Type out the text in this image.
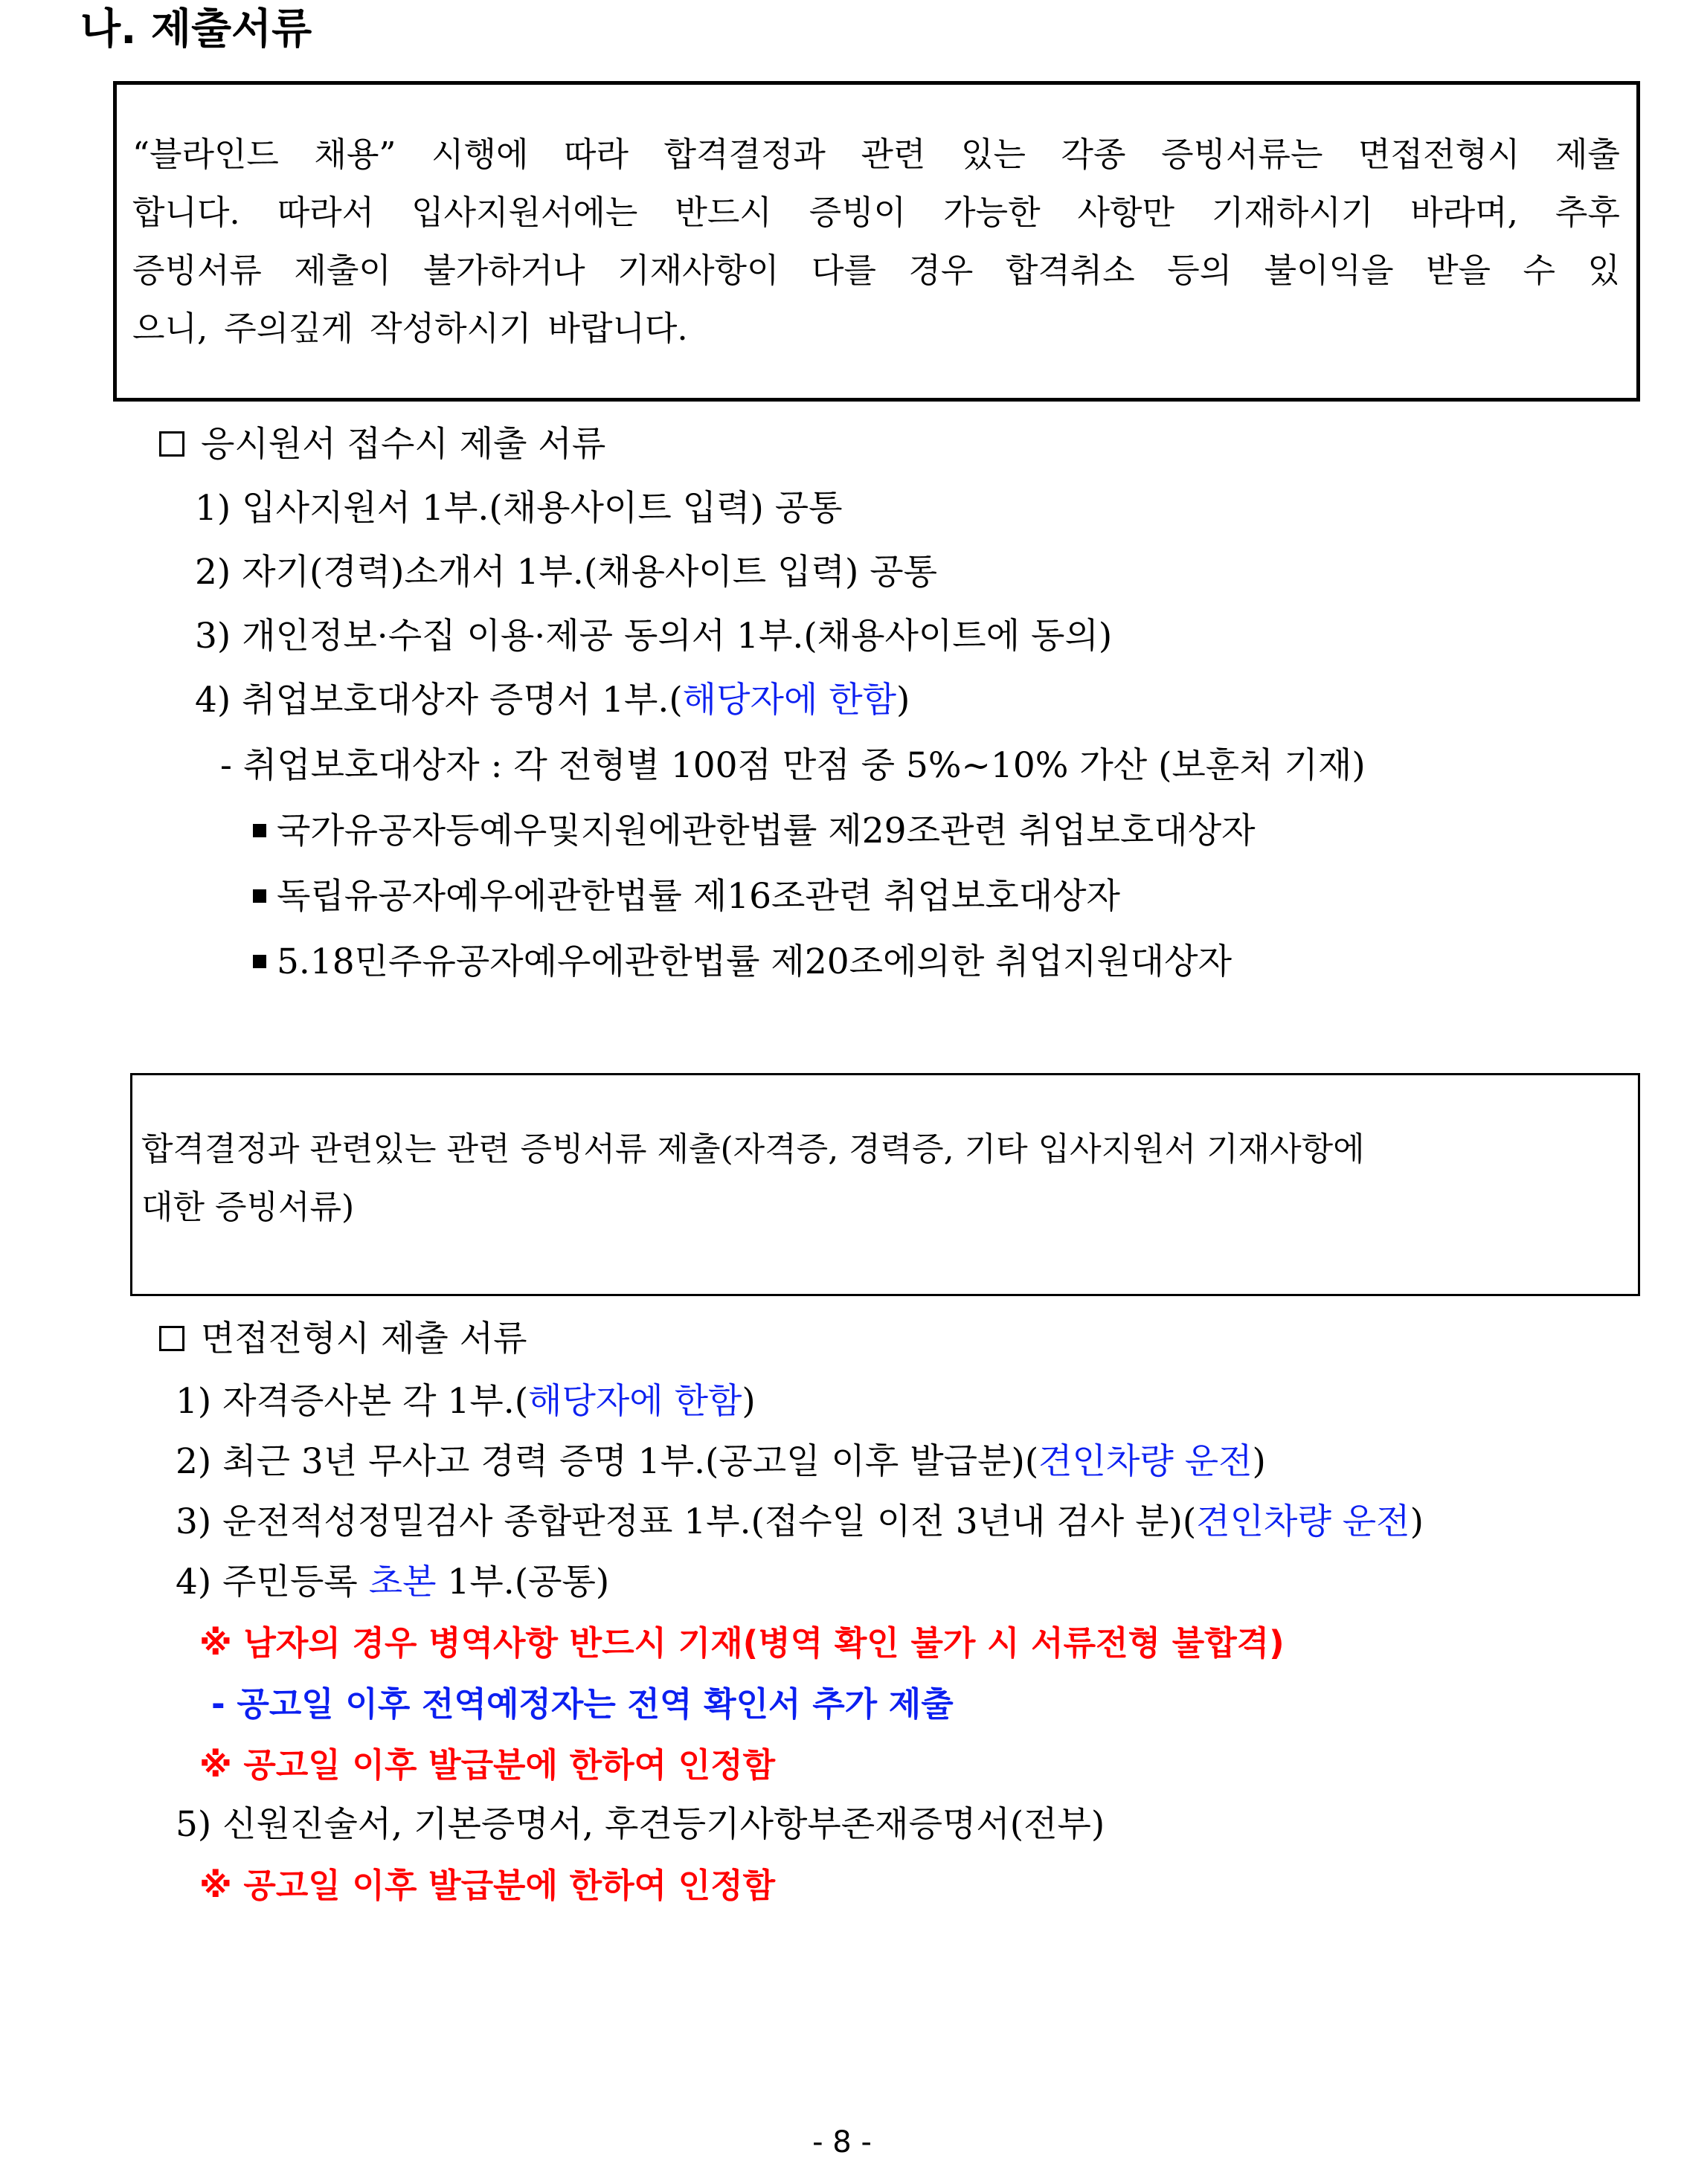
나. 제출서류
“블라인드 채용” 시행에 따라 합격결정과 관련 있는 각종 증빙서류는 면접전형시 제출
합니다. 따라서 입사지원서에는 반드시 증빙이 가능한 사항만 기재하시기 바라며, 추후
증빙서류 제출이 불가하거나 기재사항이 다를 경우 합격취소 등의 불이익을 받을 수 있
으니, 주의깊게 작성하시기 바랍니다.
응시원서 접수시 제출 서류
1) 입사지원서 1부.(채용사이트 입력) 공통
2) 자기(경력)소개서 1부.(채용사이트 입력) 공통
3) 개인정보·수집 이용·제공 동의서 1부.(채용사이트에 동의)
4) 취업보호대상자 증명서 1부.(해당자에 한함)
- 취업보호대상자 : 각 전형별 100점 만점 중 5%~10% 가산 (보훈처 기재)
국가유공자등예우및지원에관한법률 제29조관련 취업보호대상자
독립유공자예우에관한법률 제16조관련 취업보호대상자
5.18민주유공자예우에관한법률 제20조에의한 취업지원대상자
합격결정과 관련있는 관련 증빙서류 제출(자격증, 경력증, 기타 입사지원서 기재사항에
대한 증빙서류)
면접전형시 제출 서류
1) 자격증사본 각 1부.(해당자에 한함)
2) 최근 3년 무사고 경력 증명 1부.(공고일 이후 발급분)(견인차량 운전)
3) 운전적성정밀검사 종합판정표 1부.(접수일 이전 3년내 검사 분)(견인차량 운전)
4) 주민등록 초본 1부.(공통)
※ 남자의 경우 병역사항 반드시 기재(병역 확인 불가 시 서류전형 불합격)
- 공고일 이후 전역예정자는 전역 확인서 추가 제출
※ 공고일 이후 발급분에 한하여 인정함
5) 신원진술서, 기본증명서, 후견등기사항부존재증명서(전부)
※ 공고일 이후 발급분에 한하여 인정함
- 8 -
